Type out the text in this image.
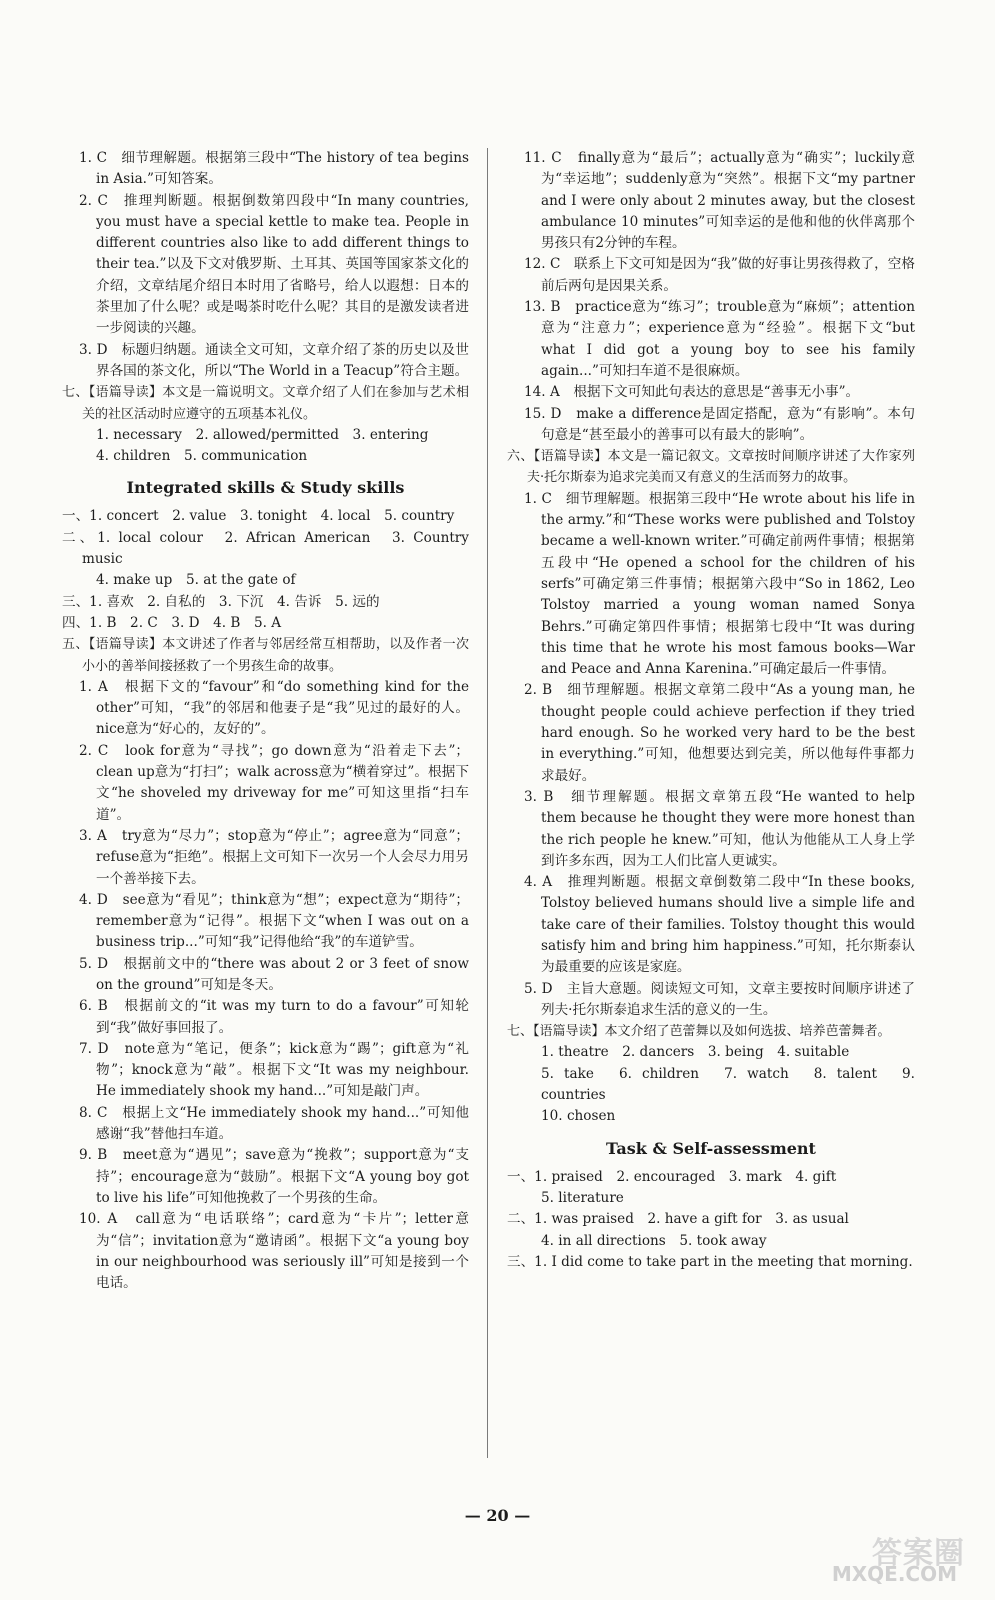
1. C　细节理解题。根据第三段中“The history of tea begins in Asia.”可知答案。
2. C　推理判断题。根据倒数第四段中“In many countries, you must have a special kettle to make tea. People in different countries also like to add different things to their tea.”以及下文对俄罗斯、土耳其、英国等国家茶文化的介绍，文章结尾介绍日本时用了省略号，给人以遐想：日本的茶里加了什么呢？或是喝茶时吃什么呢？其目的是激发读者进一步阅读的兴趣。
3. D　标题归纳题。通读全文可知，文章介绍了茶的历史以及世界各国的茶文化，所以“The World in a Teacup”符合主题。
七、【语篇导读】本文是一篇说明文。文章介绍了人们在参加与艺术相关的社区活动时应遵守的五项基本礼仪。
1. necessary　2. allowed/permitted　3. entering
4. children　5. communication
Integrated skills & Study skills
一、1. concert　2. value　3. tonight　4. local　5. country
二、1. local colour　2. African American　3. Country music
4. make up　5. at the gate of
三、1. 喜欢　2. 自私的　3. 下沉　4. 告诉　5. 远的
四、1. B　2. C　3. D　4. B　5. A
五、【语篇导读】本文讲述了作者与邻居经常互相帮助，以及作者一次小小的善举间接拯救了一个男孩生命的故事。
1. A　根据下文的“favour”和“do something kind for the other”可知，“我”的邻居和他妻子是“我”见过的最好的人。nice意为“好心的，友好的”。
2. C　look for意为“寻找”；go down意为“沿着走下去”；clean up意为“打扫”；walk across意为“横着穿过”。根据下文“he shoveled my driveway for me”可知这里指“扫车道”。
3. A　try意为“尽力”；stop意为“停止”；agree意为“同意”；refuse意为“拒绝”。根据上文可知下一次另一个人会尽力用另一个善举接下去。
4. D　see意为“看见”；think意为“想”；expect意为“期待”；remember意为“记得”。根据下文“when I was out on a business trip...”可知“我”记得他给“我”的车道铲雪。
5. D　根据前文中的“there was about 2 or 3 feet of snow on the ground”可知是冬天。
6. B　根据前文的“it was my turn to do a favour”可知轮到“我”做好事回报了。
7. D　note意为“笔记，便条”；kick意为“踢”；gift意为“礼物”；knock意为“敲”。根据下文“It was my neighbour. He immediately shook my hand...”可知是敲门声。
8. C　根据上文“He immediately shook my hand...”可知他感谢“我”替他扫车道。
9. B　meet意为“遇见”；save意为“挽救”；support意为“支持”；encourage意为“鼓励”。根据下文“A young boy got to live his life”可知他挽救了一个男孩的生命。
10. A　call意为“电话联络”；card意为“卡片”；letter意为“信”；invitation意为“邀请函”。根据下文“a young boy in our neighbourhood was seriously ill”可知是接到一个电话。
11. C　finally意为“最后”；actually意为“确实”；luckily意为“幸运地”；suddenly意为“突然”。根据下文“my partner and I were only about 2 minutes away, but the closest ambulance 10 minutes”可知幸运的是他和他的伙伴离那个男孩只有2分钟的车程。
12. C　联系上下文可知是因为“我”做的好事让男孩得救了，空格前后两句是因果关系。
13. B　practice意为“练习”；trouble意为“麻烦”；attention意为“注意力”；experience意为“经验”。根据下文“but what I did got a young boy to see his family again...”可知扫车道不是很麻烦。
14. A　根据下文可知此句表达的意思是“善事无小事”。
15. D　make a difference是固定搭配，意为“有影响”。本句句意是“甚至最小的善事可以有最大的影响”。
六、【语篇导读】本文是一篇记叙文。文章按时间顺序讲述了大作家列夫·托尔斯泰为追求完美而又有意义的生活而努力的故事。
1. C　细节理解题。根据第三段中“He wrote about his life in the army.”和“These works were published and Tolstoy became a well-known writer.”可确定前两件事情；根据第五段中“He opened a school for the children of his serfs”可确定第三件事情；根据第六段中“So in 1862, Leo Tolstoy married a young woman named Sonya Behrs.”可确定第四件事情；根据第七段中“It was during this time that he wrote his most famous books—War and Peace and Anna Karenina.”可确定最后一件事情。
2. B　细节理解题。根据文章第二段中“As a young man, he thought people could achieve perfection if they tried hard enough. So he worked very hard to be the best in everything.”可知，他想要达到完美，所以他每件事都力求最好。
3. B　细节理解题。根据文章第五段“He wanted to help them because he thought they were more honest than the rich people he knew.”可知，他认为他能从工人身上学到许多东西，因为工人们比富人更诚实。
4. A　推理判断题。根据文章倒数第二段中“In these books, Tolstoy believed humans should live a simple life and take care of their families. Tolstoy thought this would satisfy him and bring him happiness.”可知，托尔斯泰认为最重要的应该是家庭。
5. D　主旨大意题。阅读短文可知，文章主要按时间顺序讲述了列夫·托尔斯泰追求生活的意义的一生。
七、【语篇导读】本文介绍了芭蕾舞以及如何选拔、培养芭蕾舞者。
1. theatre　2. dancers　3. being　4. suitable
5. take　6. children　7. watch　8. talent　9. countries
10. chosen
Task & Self-assessment
一、1. praised　2. encouraged　3. mark　4. gift
5. literature
二、1. was praised　2. have a gift for　3. as usual
4. in all directions　5. took away
三、1. I did come to take part in the meeting that morning.
— 20 —
答案圈
MXQE.COM
